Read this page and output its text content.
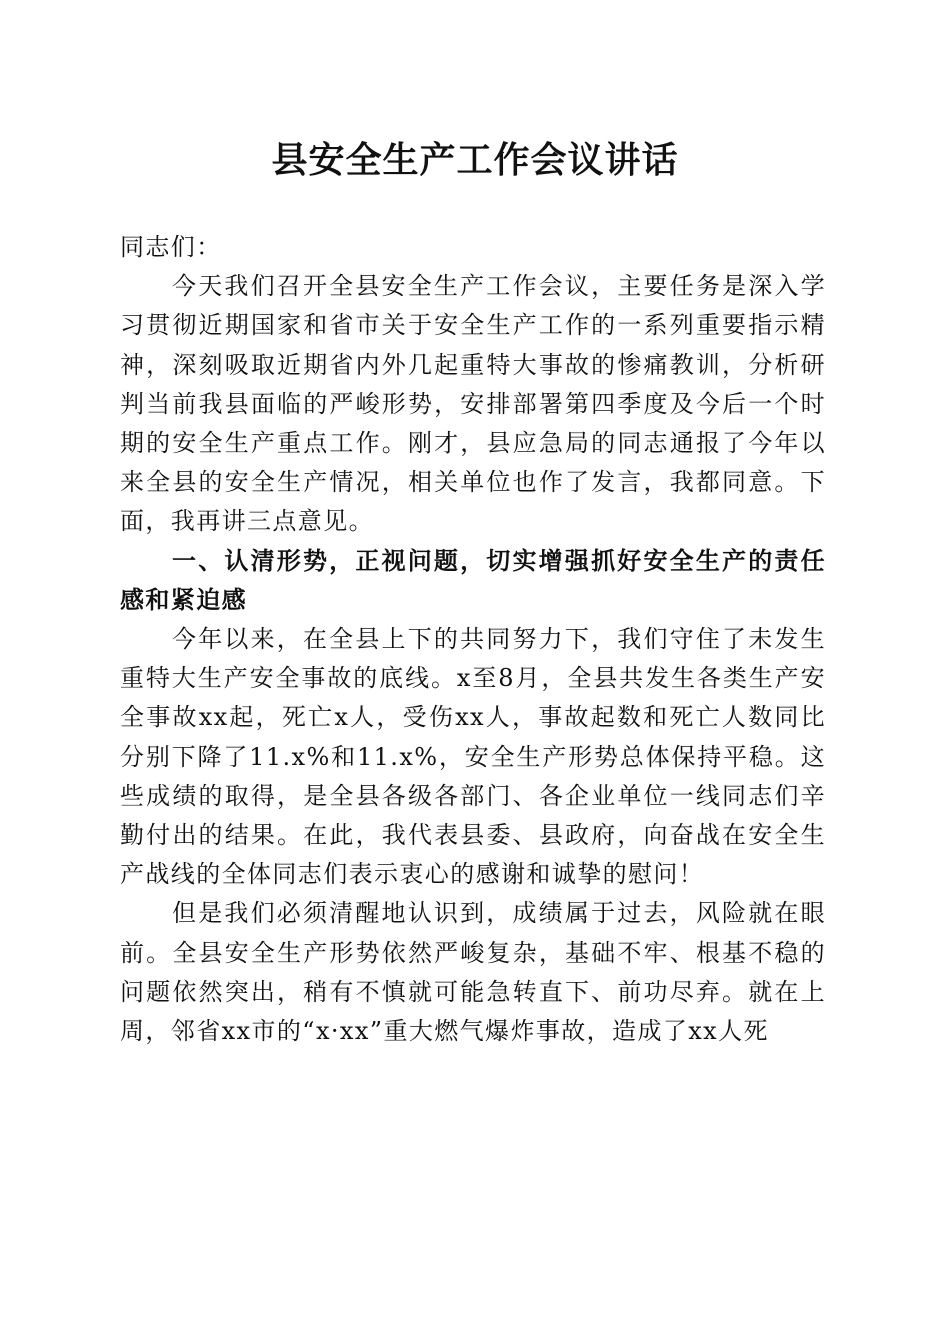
县安全生产工作会议讲话

同志们：

今天我们召开全县安全生产工作会议，主要任务是深入学习贯彻近期国家和省市关于安全生产工作的一系列重要指示精神，深刻吸取近期省内外几起重特大事故的惨痛教训，分析研判当前我县面临的严峻形势，安排部署第四季度及今后一个时期的安全生产重点工作。刚才，县应急局的同志通报了今年以来全县的安全生产情况，相关单位也作了发言，我都同意。下面，我再讲三点意见。

一、认清形势，正视问题，切实增强抓好安全生产的责任感和紧迫感

今年以来，在全县上下的共同努力下，我们守住了未发生重特大生产安全事故的底线。x至8月，全县共发生各类生产安全事故xx起，死亡x人，受伤xx人，事故起数和死亡人数同比分别下降了11.x%和11.x%，安全生产形势总体保持平稳。这些成绩的取得，是全县各级各部门、各企业单位一线同志们辛勤付出的结果。在此，我代表县委、县政府，向奋战在安全生产战线的全体同志们表示衷心的感谢和诚挚的慰问！

但是我们必须清醒地认识到，成绩属于过去，风险就在眼前。全县安全生产形势依然严峻复杂，基础不牢、根基不稳的问题依然突出，稍有不慎就可能急转直下、前功尽弃。就在上周，邻省xx市的“x·xx”重大燃气爆炸事故，造成了xx人死
